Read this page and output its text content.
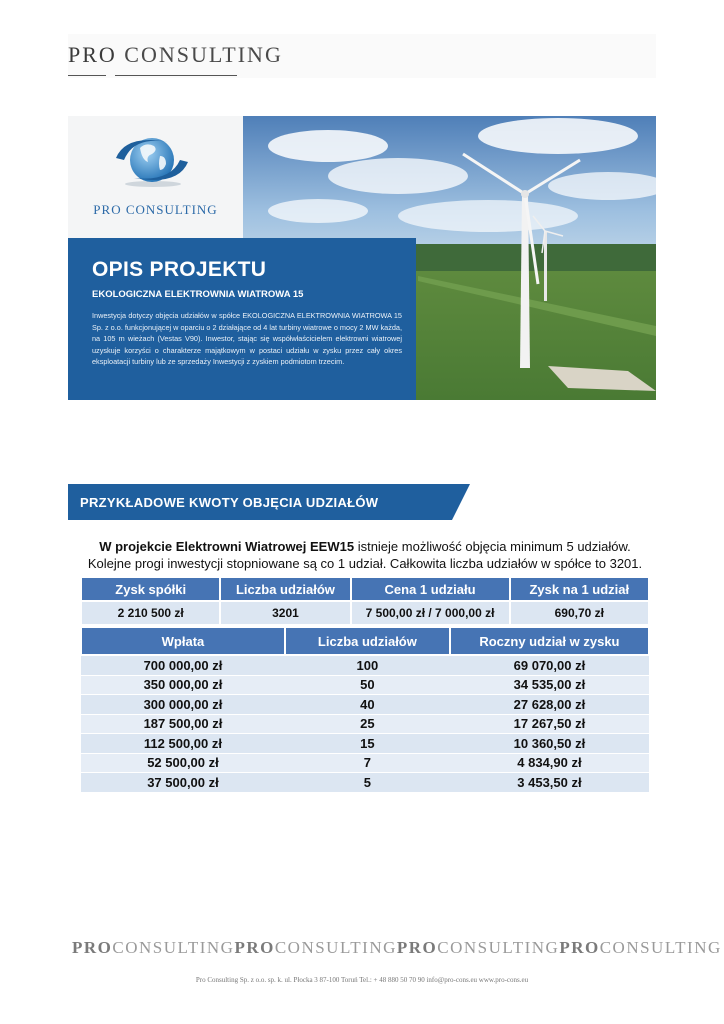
PRO CONSULTING
PRO CONSULTING
OPIS PROJEKTU
EKOLOGICZNA ELEKTROWNIA WIATROWA 15
Inwestycja dotyczy objęcia udziałów w spółce EKOLOGICZNA ELEKTROWNIA WIATROWA 15 Sp. z o.o. funkcjonującej w oparciu o 2 działające od 4 lat turbiny wiatrowe o mocy 2 MW każda, na 105 m wieżach (Vestas V90). Inwestor, stając się współwłaścicielem elektrowni wiatrowej uzyskuje korzyści o charakterze majątkowym w postaci udziału w zysku przez cały okres eksploatacji turbiny lub ze sprzedaży Inwestycji z zyskiem podmiotom trzecim.
PRZYKŁADOWE KWOTY OBJĘCIA UDZIAŁÓW
W projekcie Elektrowni Wiatrowej EEW15 istnieje możliwość objęcia minimum 5 udziałów.
Kolejne progi inwestycji stopniowane są co 1 udział. Całkowita liczba udziałów w spółce to 3201.
Zysk spółki	Liczba udziałów	Cena 1 udziału	Zysk na 1 udział
2 210 500 zł	3201	7 500,00 zł / 7 000,00 zł	690,70 zł
Wpłata	Liczba udziałów	Roczny udział w zysku
700 000,00 zł	100	69 070,00 zł
350 000,00 zł	50	34 535,00 zł
300 000,00 zł	40	27 628,00 zł
187 500,00 zł	25	17 267,50 zł
112 500,00 zł	15	10 360,50 zł
52 500,00 zł	7	4 834,90 zł
37 500,00 zł	5	3 453,50 zł
PROCONSULTINGPROCONSULTINGPROCONSULTINGPROCONSULTING
Pro Consulting Sp. z o.o. sp. k. ul. Płocka 3 87-100 Toruń Tel.: + 48 880 50 70 90 info@pro-cons.eu www.pro-cons.eu
